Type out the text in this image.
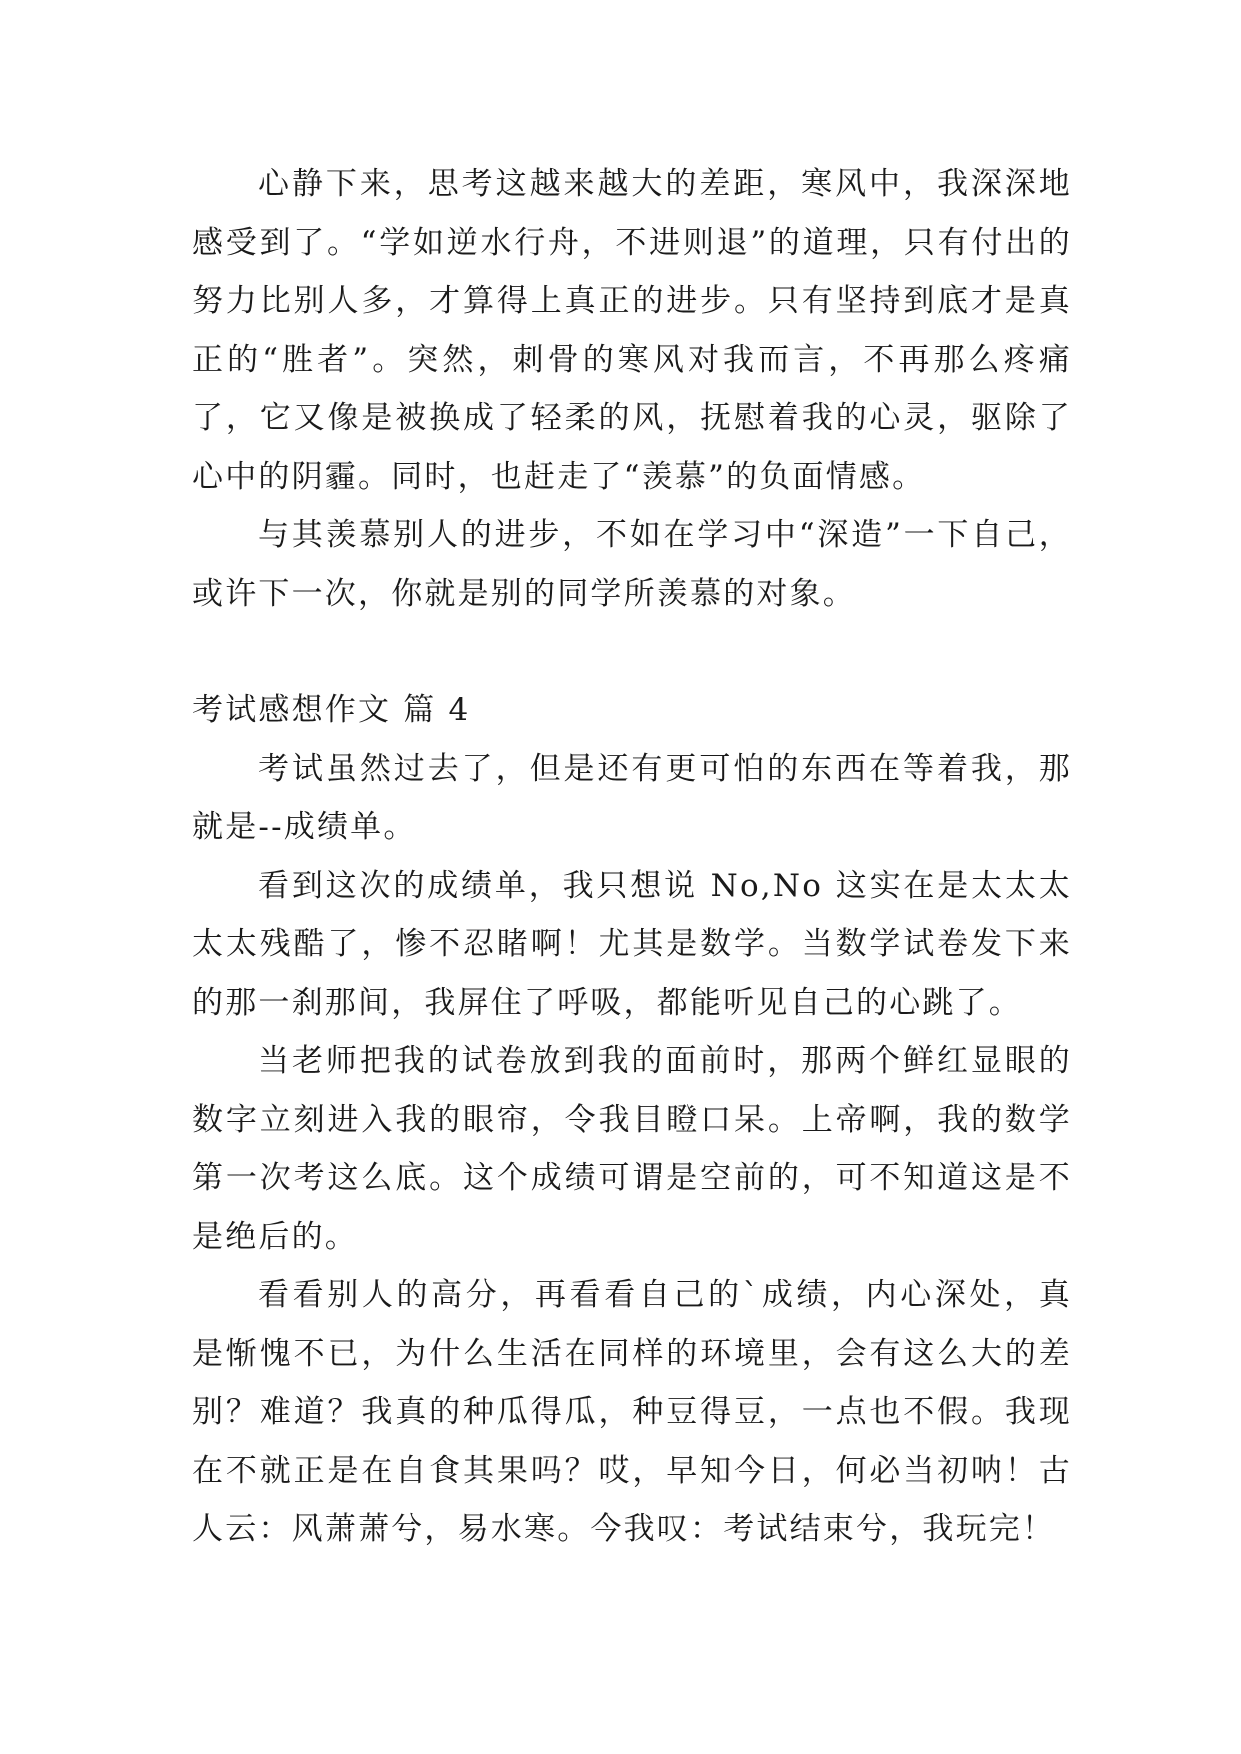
心静下来，思考这越来越大的差距，寒风中，我深深地感受到了。“学如逆水行舟，不进则退”的道理，只有付出的努力比别人多，才算得上真正的进步。只有坚持到底才是真正的“胜者”。突然，刺骨的寒风对我而言，不再那么疼痛了，它又像是被换成了轻柔的风，抚慰着我的心灵，驱除了心中的阴霾。同时，也赶走了“羡慕”的负面情感。

与其羡慕别人的进步，不如在学习中“深造”一下自己，或许下一次，你就是别的同学所羡慕的对象。

考试感想作文 篇 4

考试虽然过去了，但是还有更可怕的东西在等着我，那就是--成绩单。

看到这次的成绩单，我只想说 No,No 这实在是太太太太太残酷了，惨不忍睹啊！尤其是数学。当数学试卷发下来的那一刹那间，我屏住了呼吸，都能听见自己的心跳了。

当老师把我的试卷放到我的面前时，那两个鲜红显眼的数字立刻进入我的眼帘，令我目瞪口呆。上帝啊，我的数学第一次考这么底。这个成绩可谓是空前的，可不知道这是不是绝后的。

看看别人的高分，再看看自己的`成绩，内心深处，真是惭愧不已，为什么生活在同样的环境里，会有这么大的差别？难道？我真的种瓜得瓜，种豆得豆，一点也不假。我现在不就正是在自食其果吗？哎，早知今日，何必当初呐！古人云：风萧萧兮，易水寒。今我叹：考试结束兮，我玩完！
